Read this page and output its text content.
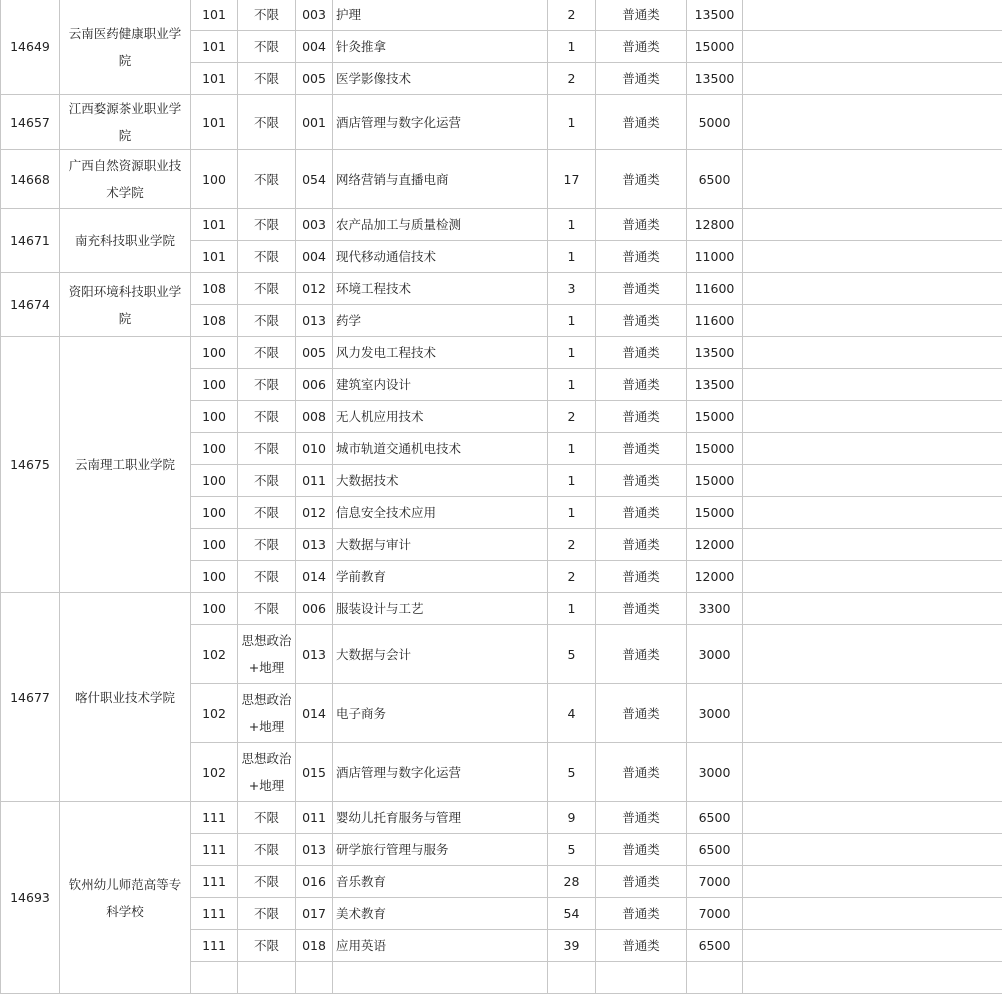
14649	云南医药健康职业学院	101	不限	003	护理	2	普通类	13500	
		101	不限	004	针灸推拿	1	普通类	15000	
		101	不限	005	医学影像技术	2	普通类	13500	
14657	江西婺源茶业职业学院	101	不限	001	酒店管理与数字化运营	1	普通类	5000	
14668	广西自然资源职业技术学院	100	不限	054	网络营销与直播电商	17	普通类	6500	
14671	南充科技职业学院	101	不限	003	农产品加工与质量检测	1	普通类	12800	
		101	不限	004	现代移动通信技术	1	普通类	11000	
14674	资阳环境科技职业学院	108	不限	012	环境工程技术	3	普通类	11600	
		108	不限	013	药学	1	普通类	11600	
14675	云南理工职业学院	100	不限	005	风力发电工程技术	1	普通类	13500	
		100	不限	006	建筑室内设计	1	普通类	13500	
		100	不限	008	无人机应用技术	2	普通类	15000	
		100	不限	010	城市轨道交通机电技术	1	普通类	15000	
		100	不限	011	大数据技术	1	普通类	15000	
		100	不限	012	信息安全技术应用	1	普通类	15000	
		100	不限	013	大数据与审计	2	普通类	12000	
		100	不限	014	学前教育	2	普通类	12000	
14677	喀什职业技术学院	100	不限	006	服装设计与工艺	1	普通类	3300	
		102	思想政治+地理	013	大数据与会计	5	普通类	3000	
		102	思想政治+地理	014	电子商务	4	普通类	3000	
		102	思想政治+地理	015	酒店管理与数字化运营	5	普通类	3000	
14693	钦州幼儿师范高等专科学校	111	不限	011	婴幼儿托育服务与管理	9	普通类	6500	
		111	不限	013	研学旅行管理与服务	5	普通类	6500	
		111	不限	016	音乐教育	28	普通类	7000	
		111	不限	017	美术教育	54	普通类	7000	
		111	不限	018	应用英语	39	普通类	6500	
